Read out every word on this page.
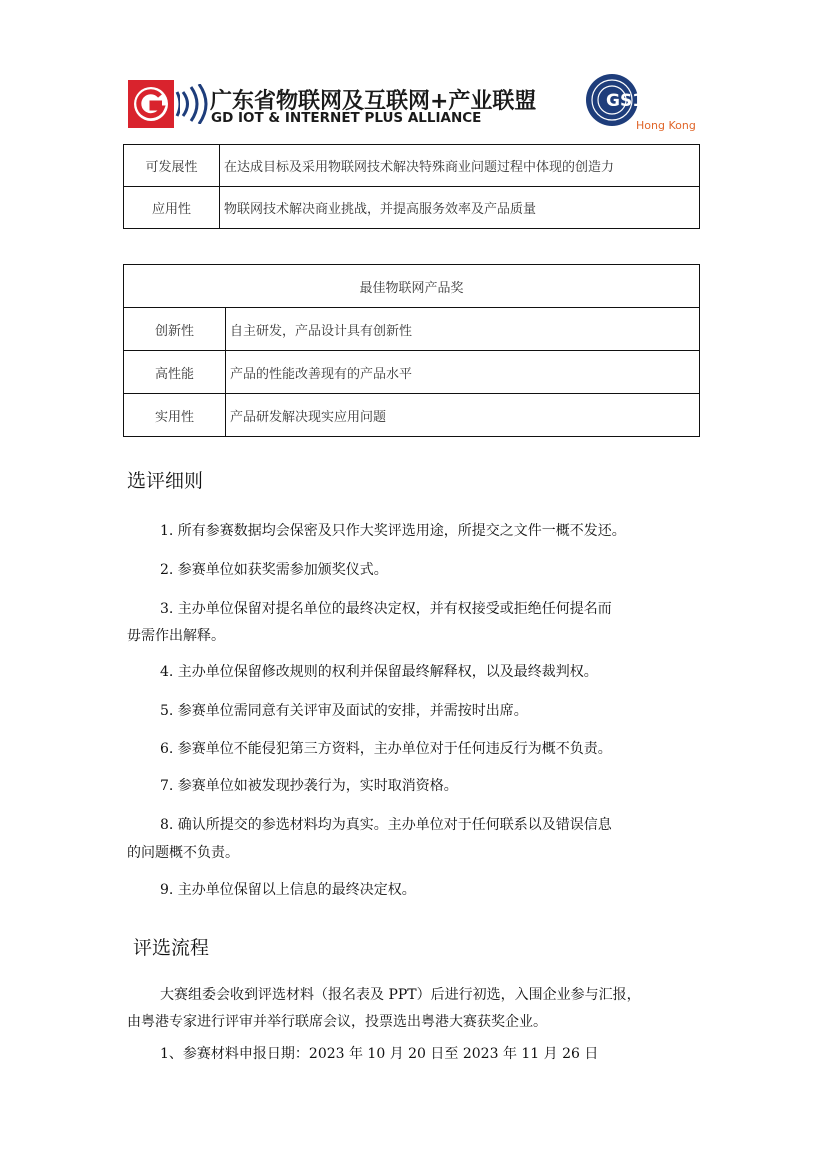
广东省物联网及互联网+产业联盟
GD IOT & INTERNET PLUS ALLIANCE
GS1
Hong Kong
可发展性	在达成目标及采用物联网技术解决特殊商业问题过程中体现的创造力
应用性	物联网技术解决商业挑战，并提高服务效率及产品质量
最佳物联网产品奖	
创新性	自主研发，产品设计具有创新性
高性能	产品的性能改善现有的产品水平
实用性	产品研发解决现实应用问题
选评细则
1. 所有参赛数据均会保密及只作大奖评选用途，所提交之文件一概不发还。
2. 参赛单位如获奖需参加颁奖仪式。
3. 主办单位保留对提名单位的最终决定权，并有权接受或拒绝任何提名而
毋需作出解释。
4. 主办单位保留修改规则的权利并保留最终解释权，以及最终裁判权。
5. 参赛单位需同意有关评审及面试的安排，并需按时出席。
6. 参赛单位不能侵犯第三方资料，主办单位对于任何违反行为概不负责。
7. 参赛单位如被发现抄袭行为，实时取消资格。
8. 确认所提交的参选材料均为真实。主办单位对于任何联系以及错误信息
的问题概不负责。
9. 主办单位保留以上信息的最终决定权。
评选流程
大赛组委会收到评选材料（报名表及 PPT）后进行初选，入围企业参与汇报，
由粤港专家进行评审并举行联席会议，投票选出粤港大赛获奖企业。
1、参赛材料申报日期：2023 年 10 月 20 日至 2023 年 11 月 26 日
